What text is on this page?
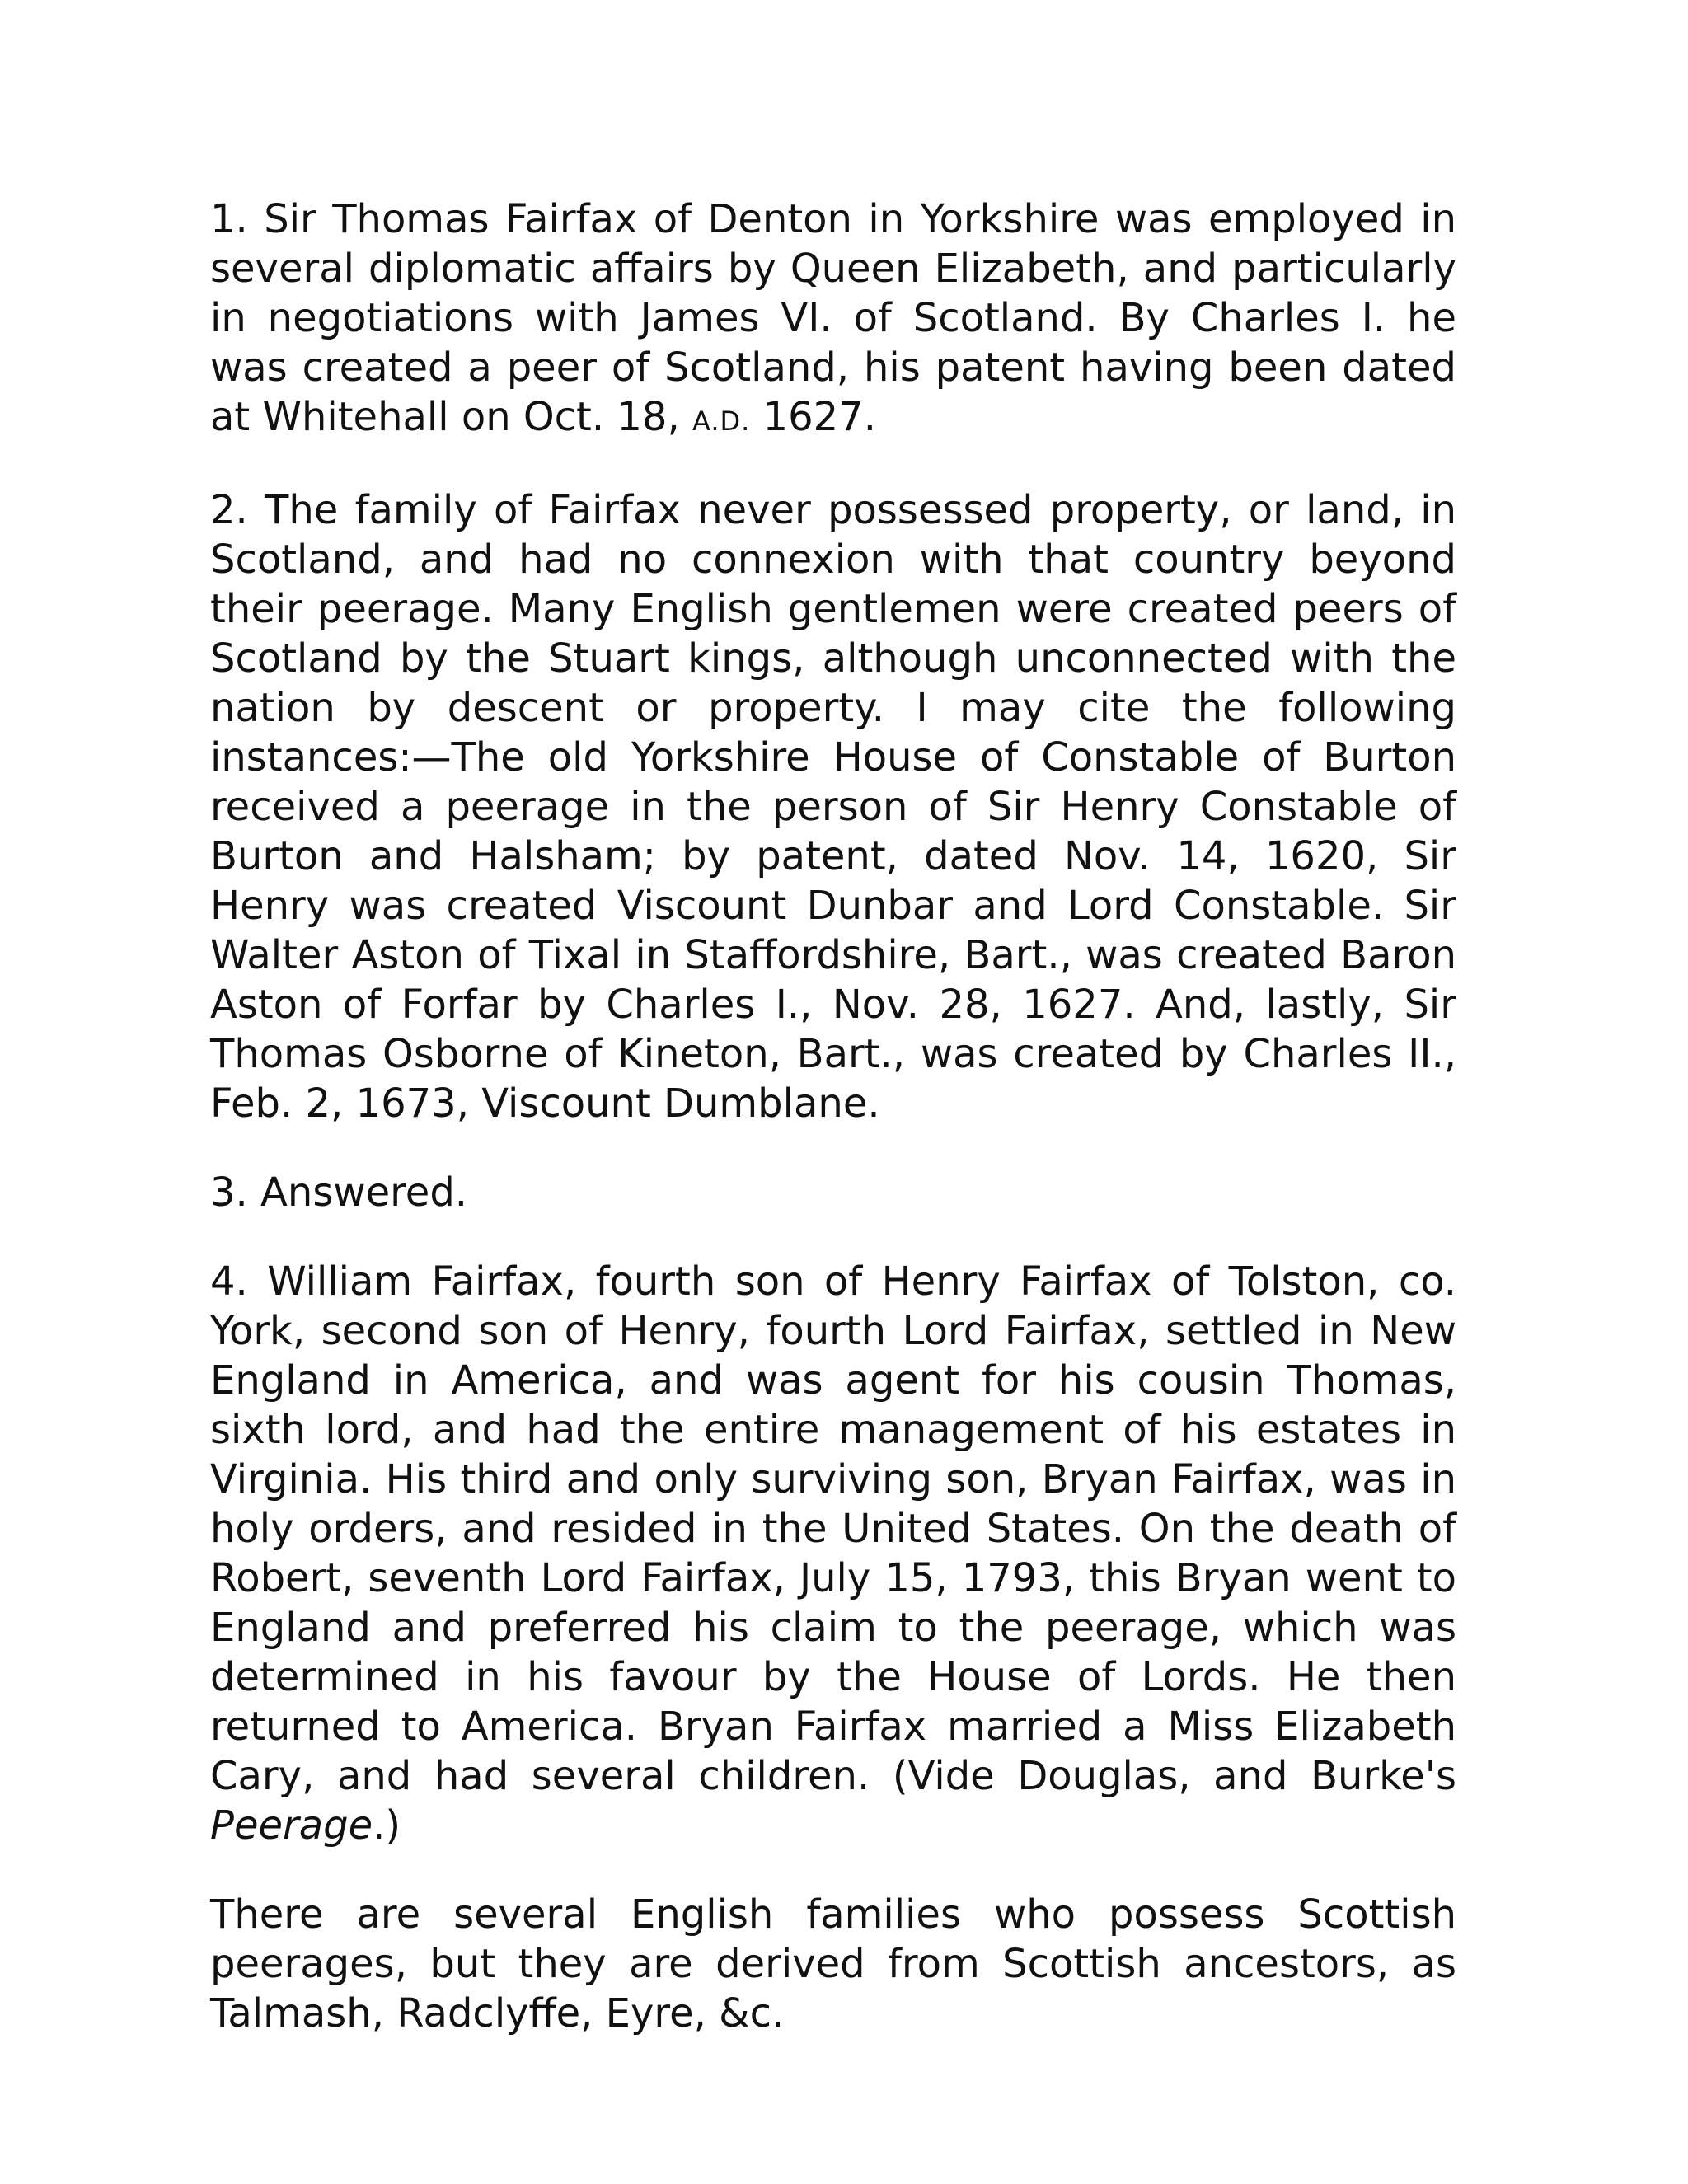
1. Sir Thomas Fairfax of Denton in Yorkshire was employed in several diplomatic affairs by Queen Elizabeth, and particularly in negotiations with James VI. of Scotland. By Charles I. he was created a peer of Scotland, his patent having been dated at Whitehall on Oct. 18, A.D. 1627.

2. The family of Fairfax never possessed property, or land, in Scotland, and had no connexion with that country beyond their peerage. Many English gentlemen were created peers of Scotland by the Stuart kings, although unconnected with the nation by descent or property. I may cite the following instances:—The old Yorkshire House of Constable of Burton received a peerage in the person of Sir Henry Constable of Burton and Halsham; by patent, dated Nov. 14, 1620, Sir Henry was created Viscount Dunbar and Lord Constable. Sir Walter Aston of Tixal in Staffordshire, Bart., was created Baron Aston of Forfar by Charles I., Nov. 28, 1627. And, lastly, Sir Thomas Osborne of Kineton, Bart., was created by Charles II., Feb. 2, 1673, Viscount Dumblane.

3. Answered.

4. William Fairfax, fourth son of Henry Fairfax of Tolston, co. York, second son of Henry, fourth Lord Fairfax, settled in New England in America, and was agent for his cousin Thomas, sixth lord, and had the entire management of his estates in Virginia. His third and only surviving son, Bryan Fairfax, was in holy orders, and resided in the United States. On the death of Robert, seventh Lord Fairfax, July 15, 1793, this Bryan went to England and preferred his claim to the peerage, which was determined in his favour by the House of Lords. He then returned to America. Bryan Fairfax married a Miss Elizabeth Cary, and had several children. (Vide Douglas, and Burke's Peerage.)

There are several English families who possess Scottish peerages, but they are derived from Scottish ancestors, as Talmash, Radclyffe, Eyre, &c.
